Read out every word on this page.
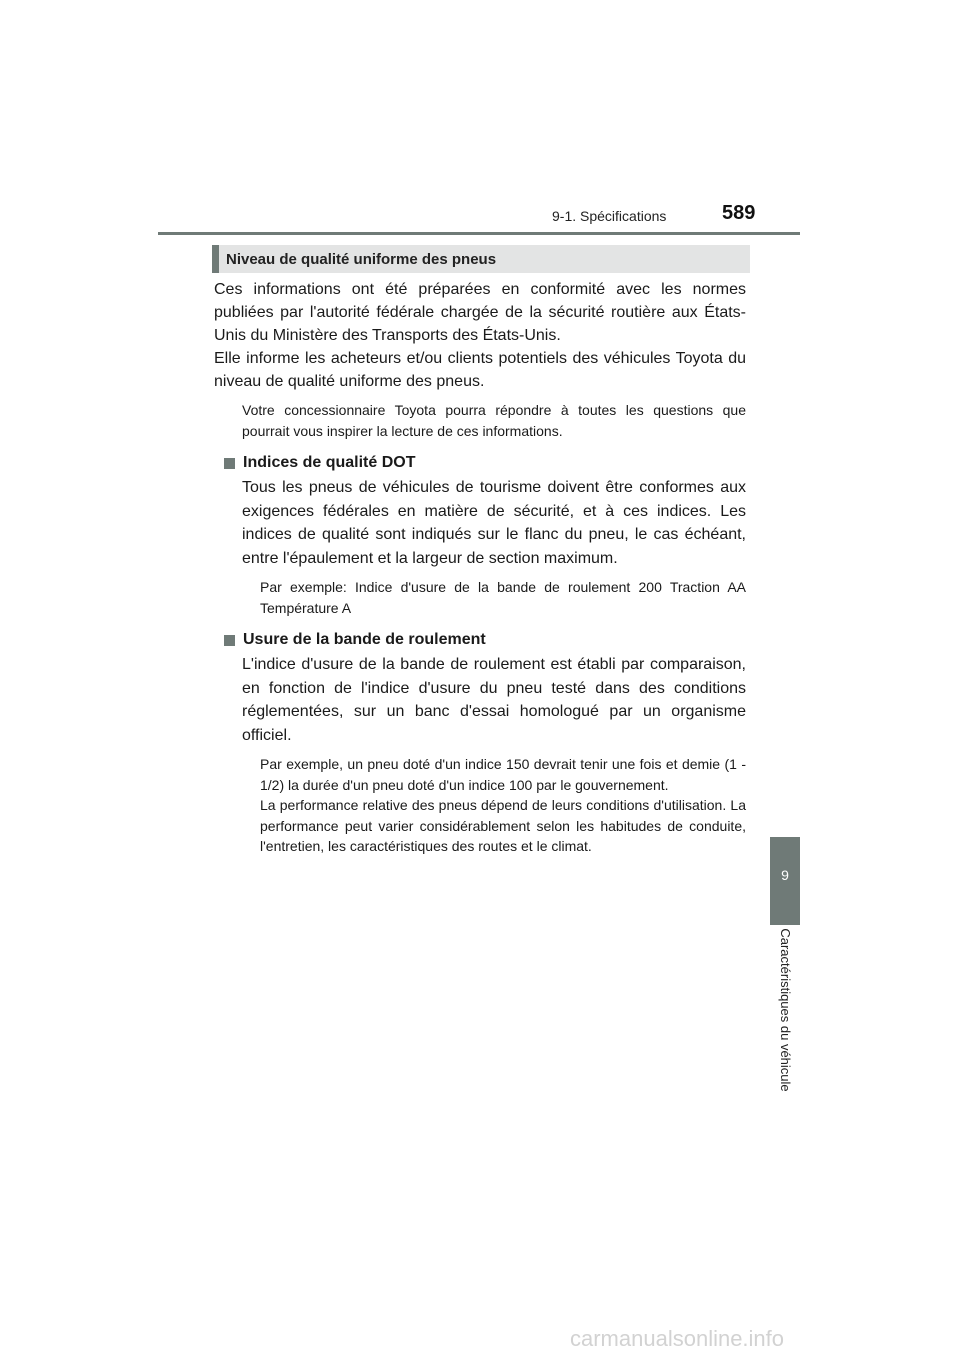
9-1. Spécifications	589
9
Caractéristiques du véhicule
Niveau de qualité uniforme des pneus

Ces informations ont été préparées en conformité avec les normes publiées par l'autorité fédérale chargée de la sécurité routière aux États-Unis du Ministère des Transports des États-Unis.

Elle informe les acheteurs et/ou clients potentiels des véhicules Toyota du niveau de qualité uniforme des pneus.

Votre concessionnaire Toyota pourra répondre à toutes les questions que pourrait vous inspirer la lecture de ces informations.

Indices de qualité DOT

Tous les pneus de véhicules de tourisme doivent être conformes aux exigences fédérales en matière de sécurité, et à ces indices. Les indices de qualité sont indiqués sur le flanc du pneu, le cas échéant, entre l'épaulement et la largeur de section maximum.

Par exemple: Indice d'usure de la bande de roulement 200 Traction AA Température A

Usure de la bande de roulement

L'indice d'usure de la bande de roulement est établi par comparaison, en fonction de l'indice d'usure du pneu testé dans des conditions réglementées, sur un banc d'essai homologué par un organisme officiel.

Par exemple, un pneu doté d'un indice 150 devrait tenir une fois et demie (1 - 1/2) la durée d'un pneu doté d'un indice 100 par le gouvernement.

La performance relative des pneus dépend de leurs conditions d'utilisation. La performance peut varier considérablement selon les habitudes de conduite, l'entretien, les caractéristiques des routes et le climat.

carmanualsonline.info
